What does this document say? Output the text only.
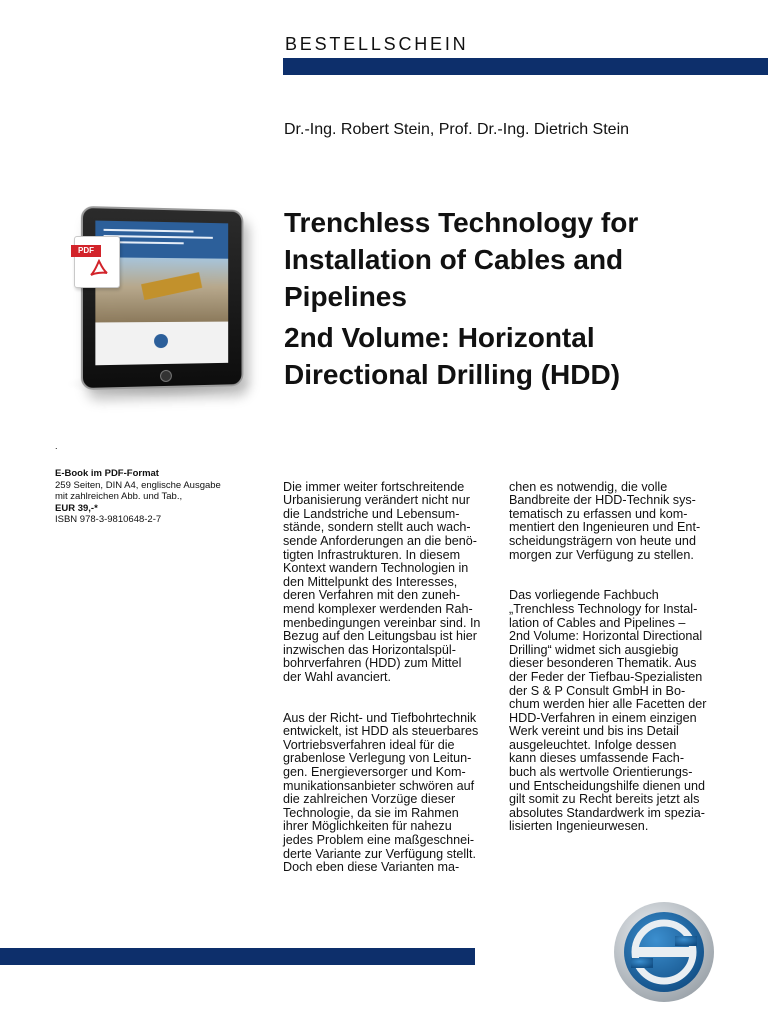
BESTELLSCHEIN
Dr.-Ing. Robert Stein, Prof. Dr.-Ing. Dietrich Stein
PDF
Trenchless Technology for Installation of Cables and Pipelines
2nd Volume: Horizontal Directional Drilling (HDD)
.
E-Book im PDF-Format
259 Seiten, DIN A4, englische Ausgabe
mit zahlreichen Abb. und Tab.,
EUR 39,-*
ISBN 978-3-9810648-2-7

Die immer weiter fortschreitende
Urbanisierung verändert nicht nur
die Landstriche und Lebensum-
stände, sondern stellt auch wach-
sende Anforderungen an die benö-
tigten Infrastrukturen. In diesem
Kontext wandern Technologien in
den Mittelpunkt des Interesses,
deren Verfahren mit den zuneh-
mend komplexer werdenden Rah-
menbedingungen vereinbar sind. In
Bezug auf den Leitungsbau ist hier
inzwischen das Horizontalspül-
bohrverfahren (HDD) zum Mittel
der Wahl avanciert.

Aus der Richt- und Tiefbohrtechnik
entwickelt, ist HDD als steuerbares
Vortriebsverfahren ideal für die
grabenlose Verlegung von Leitun-
gen. Energieversorger und Kom-
munikationsanbieter schwören auf
die zahlreichen Vorzüge dieser
Technologie, da sie im Rahmen
ihrer Möglichkeiten für nahezu
jedes Problem eine maßgeschnei-
derte Variante zur Verfügung stellt.
Doch eben diese Varianten ma-

chen es notwendig, die volle
Bandbreite der HDD-Technik sys-
tematisch zu erfassen und kom-
mentiert den Ingenieuren und Ent-
scheidungsträgern von heute und
morgen zur Verfügung zu stellen.

Das vorliegende Fachbuch
„Trenchless Technology for Instal-
lation of Cables and Pipelines –
2nd Volume: Horizontal Directional
Drilling“ widmet sich ausgiebig
dieser besonderen Thematik. Aus
der Feder der Tiefbau-Spezialisten
der S & P Consult GmbH in Bo-
chum werden hier alle Facetten der
HDD-Verfahren in einem einzigen
Werk vereint und bis ins Detail
ausgeleuchtet. Infolge dessen
kann dieses umfassende Fach-
buch als wertvolle Orientierungs-
und Entscheidungshilfe dienen und
gilt somit zu Recht bereits jetzt als
absolutes Standardwerk im spezia-
lisierten Ingenieurwesen.
